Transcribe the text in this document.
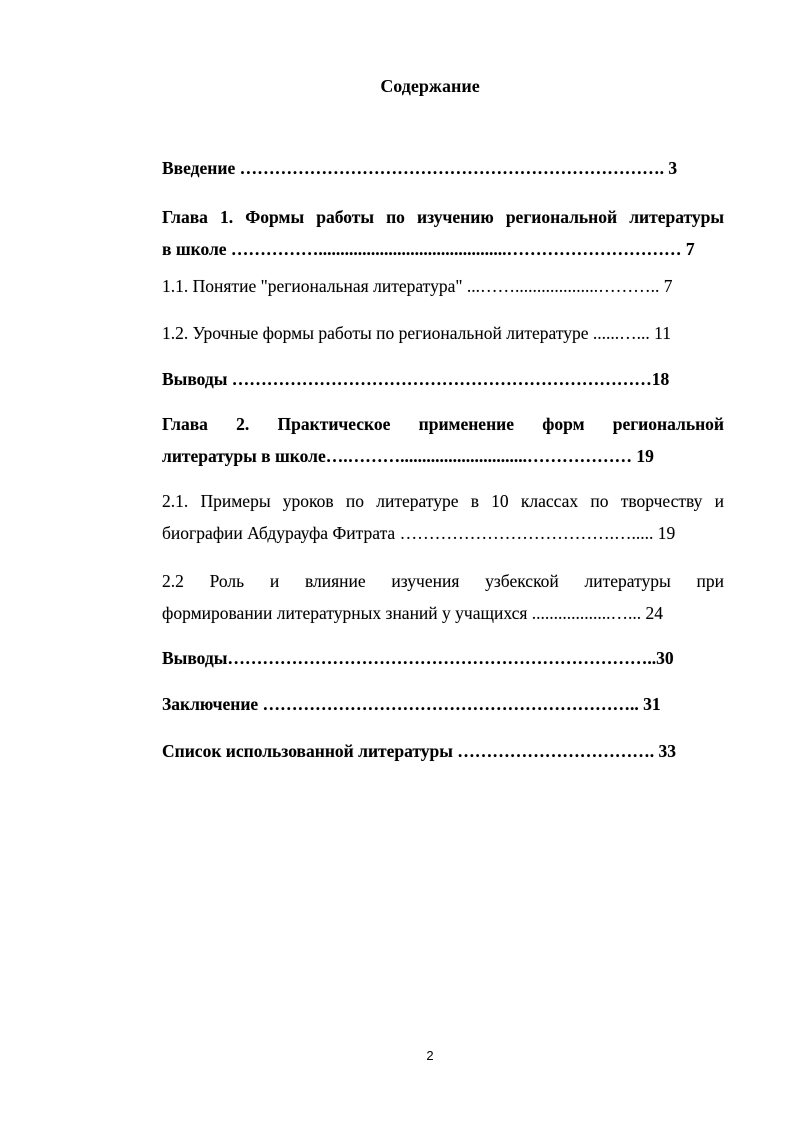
Содержание
Введение ………………………………………………………………. 3
Глава 1. Формы работы по изучению региональной литературы
в школе ……………...........................................………………………… 7
1.1. Понятие "региональная литература" ...……...................……….. 7
1.2. Урочные формы работы по региональной литературе ......…... 11
Выводы ………………………………………………………………18
Глава 2. Практическое применение форм региональной
литературы в школе….……….............................……………… 19
2.1. Примеры уроков по литературе в 10 классах по творчеству и
биографии Абдурауфа Фитрата ……………………………….…..... 19
2.2 Роль и влияние изучения узбекской литературы при
формировании литературных знаний у учащихся ..................…... 24
Выводы………………………………………………………………..30
Заключение ……………………………………………………….. 31
Список использованной литературы ……………………………. 33
2
